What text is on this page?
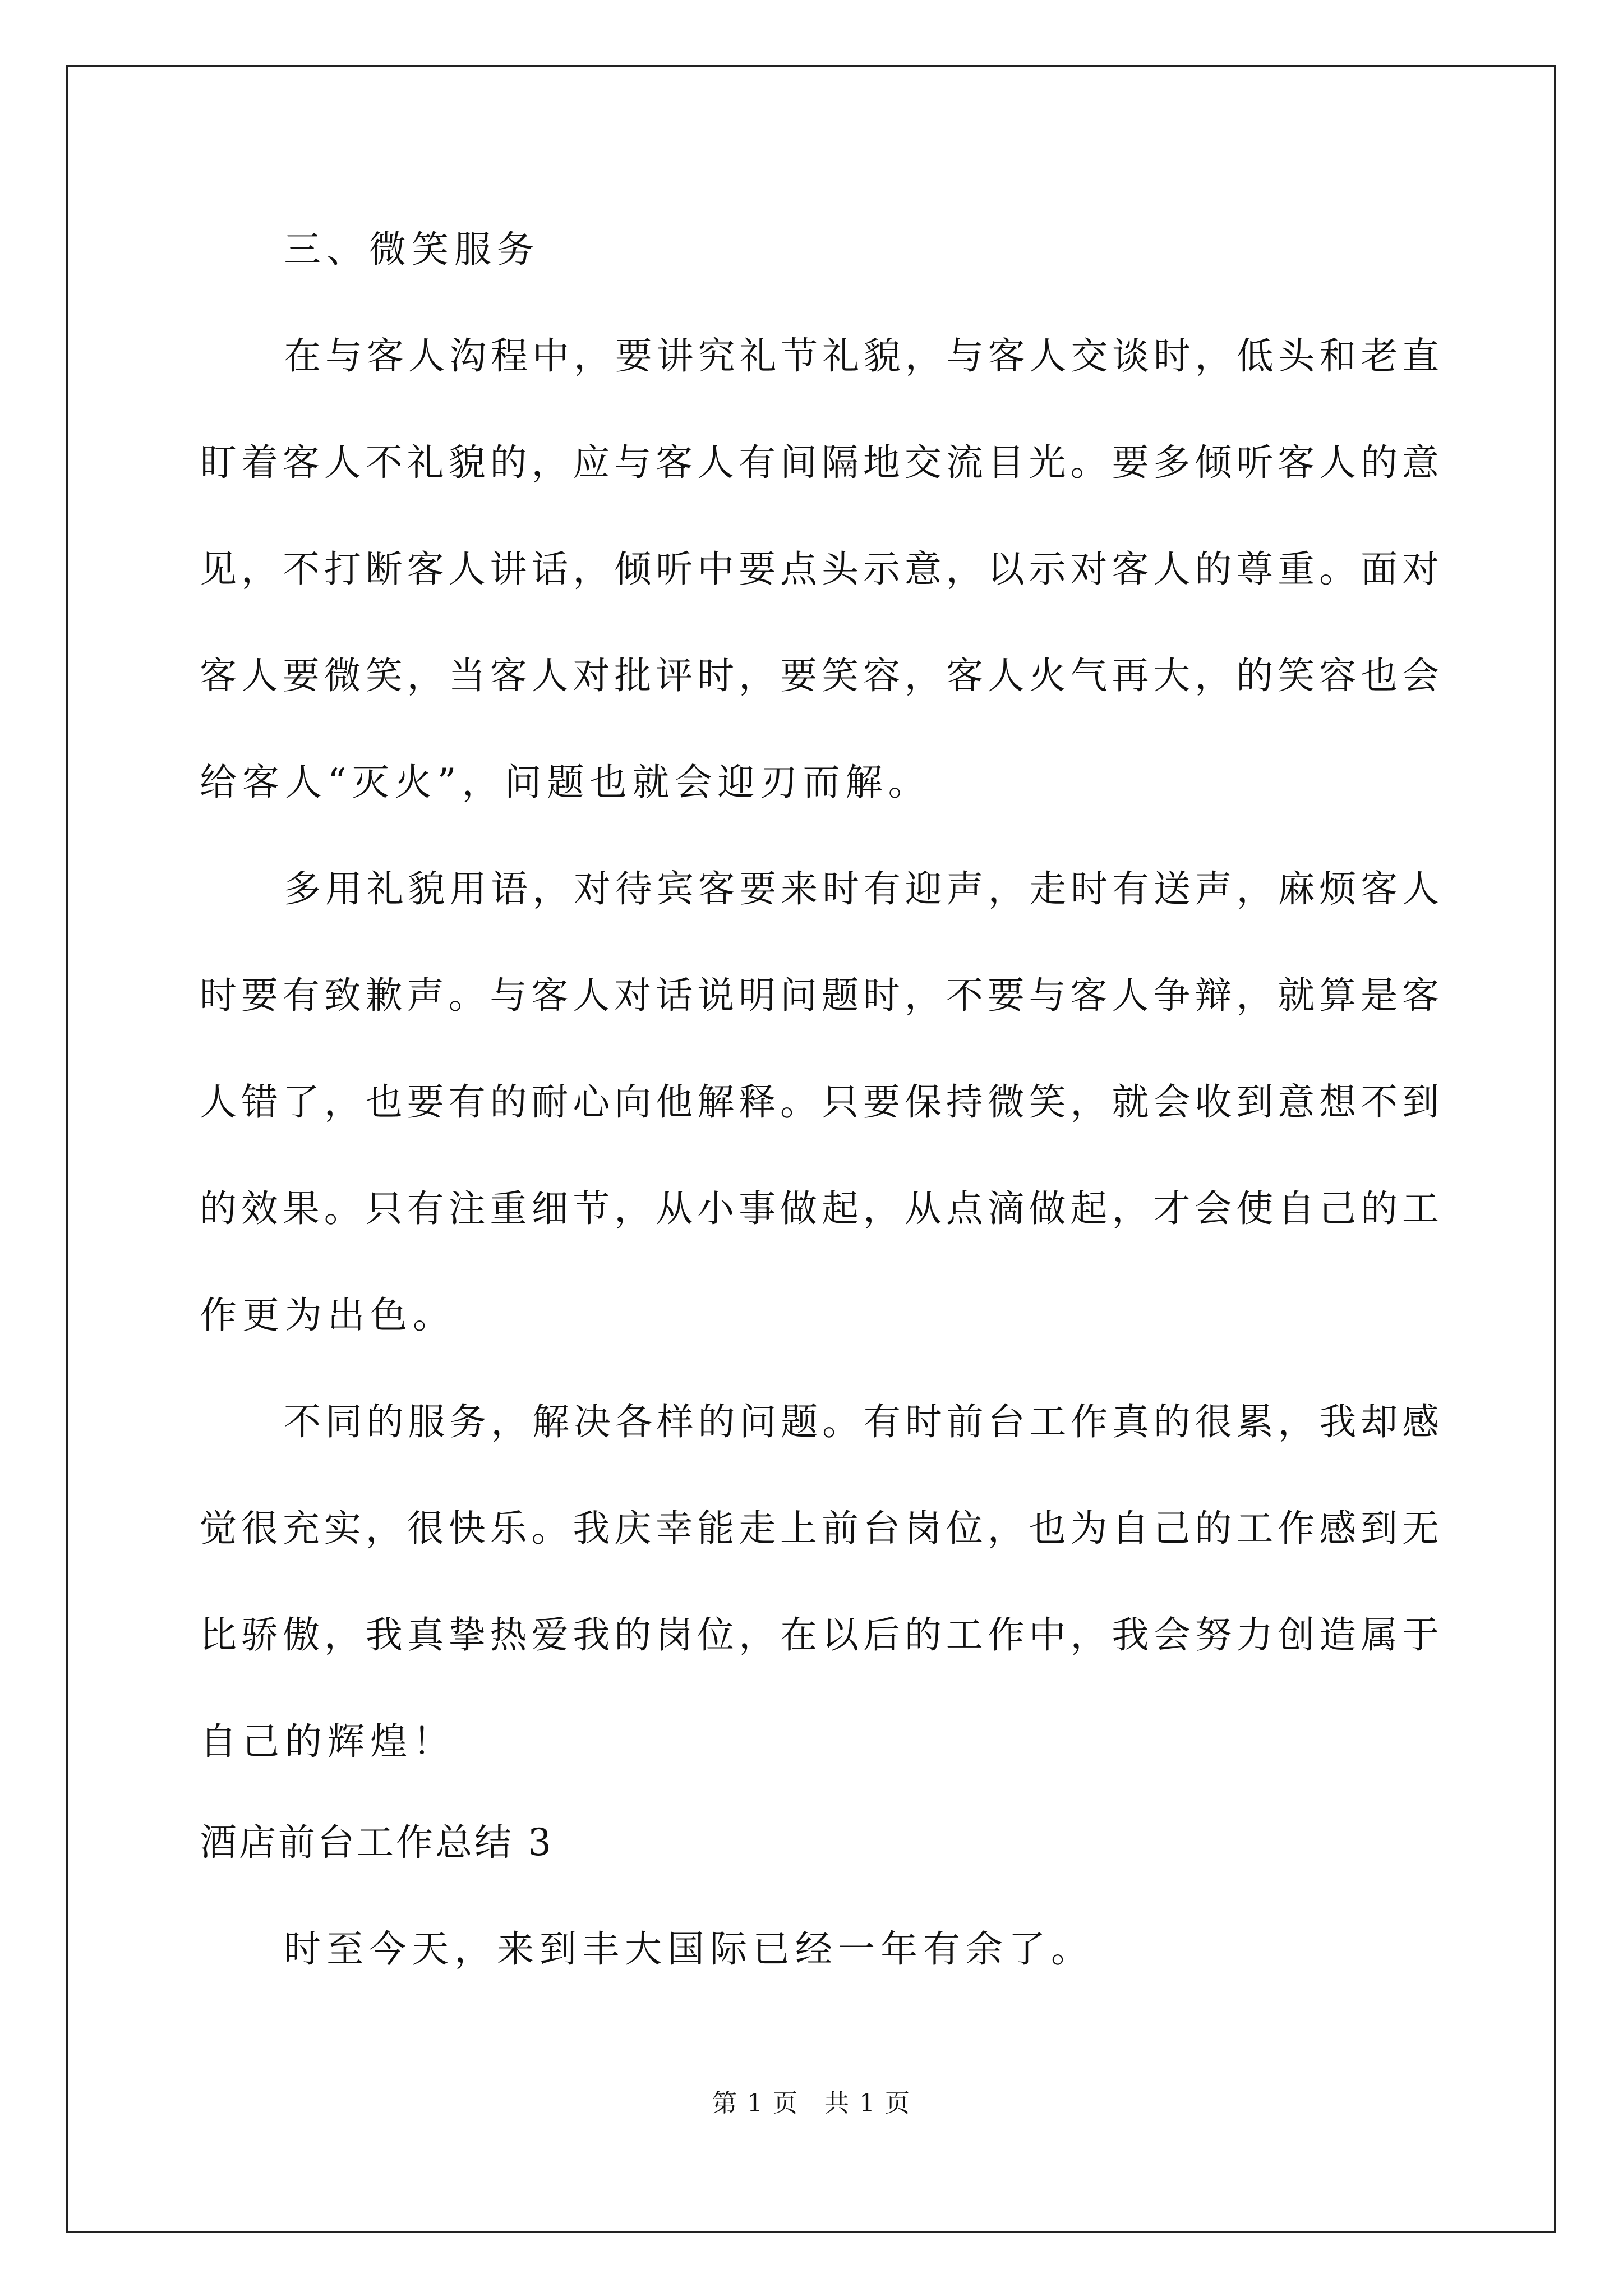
三、微笑服务
在与客人沟程中，要讲究礼节礼貌，与客人交谈时，低头和老直
盯着客人不礼貌的，应与客人有间隔地交流目光。要多倾听客人的意
见，不打断客人讲话，倾听中要点头示意，以示对客人的尊重。面对
客人要微笑，当客人对批评时，要笑容，客人火气再大，的笑容也会
给客人“灭火”，问题也就会迎刃而解。
多用礼貌用语，对待宾客要来时有迎声，走时有送声，麻烦客人
时要有致歉声。与客人对话说明问题时，不要与客人争辩，就算是客
人错了，也要有的耐心向他解释。只要保持微笑，就会收到意想不到
的效果。只有注重细节，从小事做起，从点滴做起，才会使自己的工
作更为出色。
不同的服务，解决各样的问题。有时前台工作真的很累，我却感
觉很充实，很快乐。我庆幸能走上前台岗位，也为自己的工作感到无
比骄傲，我真挚热爱我的岗位，在以后的工作中，我会努力创造属于
自己的辉煌！
酒店前台工作总结 3
时至今天，来到丰大国际已经一年有余了。
第 1 页　共 1 页
